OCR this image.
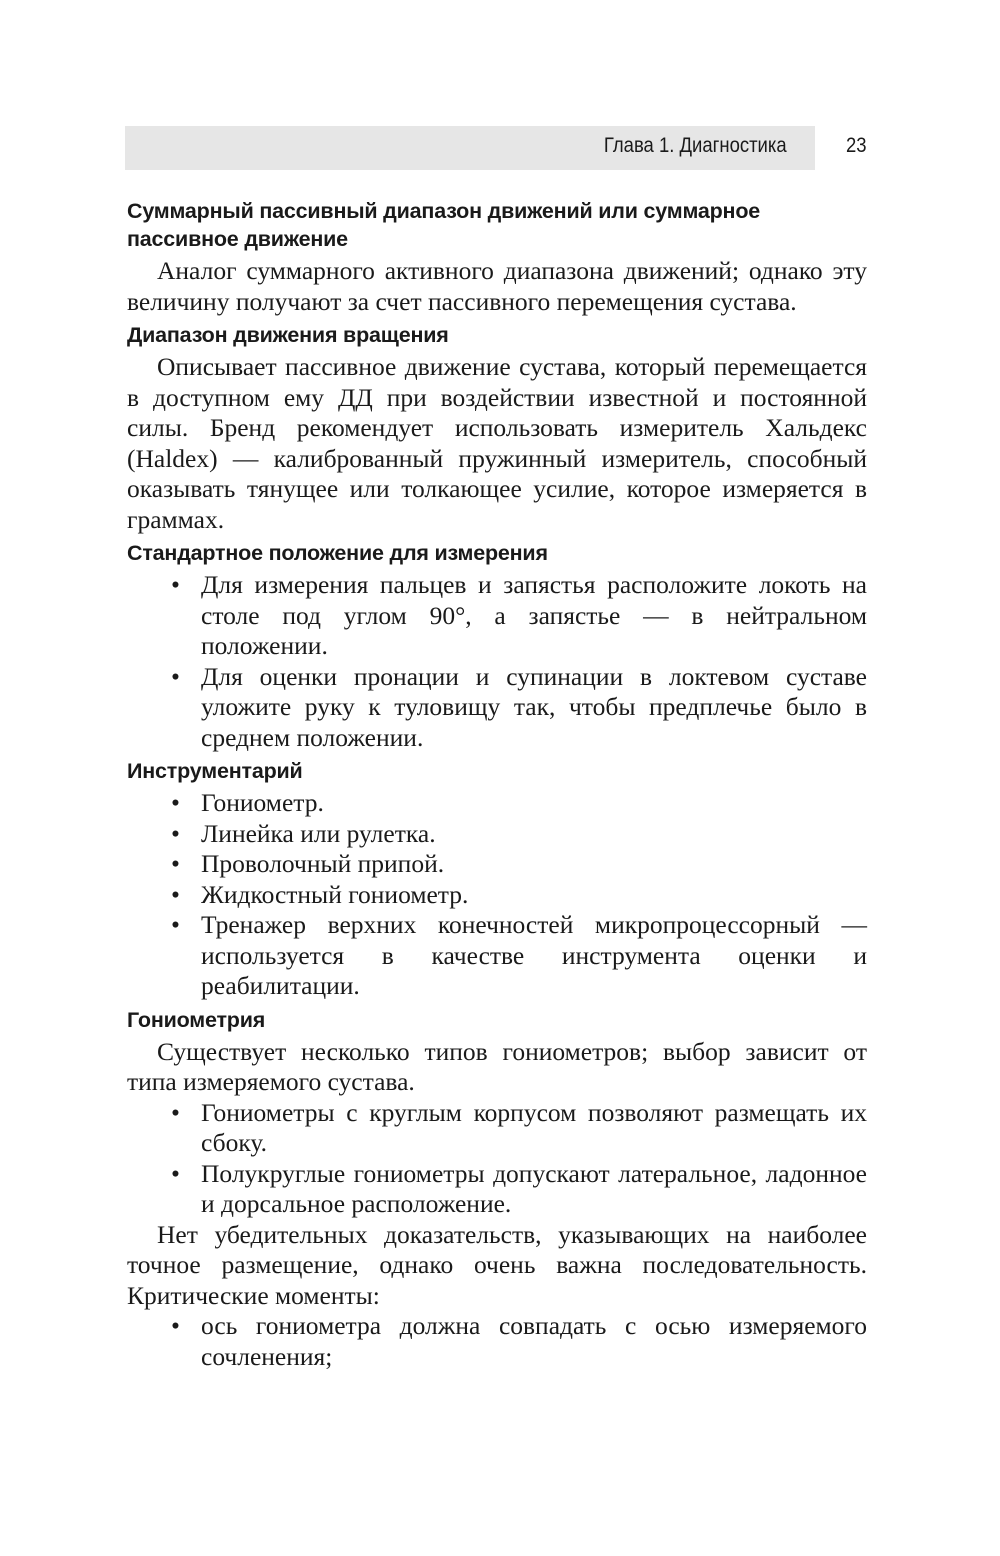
Глава 1. Диагностика	23
Суммарный пассивный диапазон движений или суммарное пассивное движение

Аналог суммарного активного диапазона движений; однако эту величину получают за счет пассивного перемещения сустава.

Диапазон движения вращения

Описывает пассивное движение сустава, который перемещается в доступном ему ДД при воздействии известной и постоянной силы. Бренд рекомендует использовать измеритель Хальдекс (Haldex) — калиброванный пружинный измеритель, способный оказывать тянущее или толкающее усилие, которое измеряется в граммах.

Стандартное положение для измерения
• Для измерения пальцев и запястья расположите локоть на столе под углом 90°, а запястье — в нейтральном положении.
• Для оценки пронации и супинации в локтевом суставе уложите руку к туловищу так, чтобы предплечье было в среднем положении.
Инструментарий
• Гониометр.
• Линейка или рулетка.
• Проволочный припой.
• Жидкостный гониометр.
• Тренажер верхних конечностей микропроцессорный — используется в качестве инструмента оценки и реабилитации.
Гониометрия

Существует несколько типов гониометров; выбор зависит от типа измеряемого сустава.

• Гониометры с круглым корпусом позволяют размещать их сбоку.
• Полукруглые гониометры допускают латеральное, ладонное и дорсальное расположение.

Нет убедительных доказательств, указывающих на наиболее точное размещение, однако очень важна последовательность. Критические моменты:

• ось гониометра должна совпадать с осью измеряемого сочленения;
